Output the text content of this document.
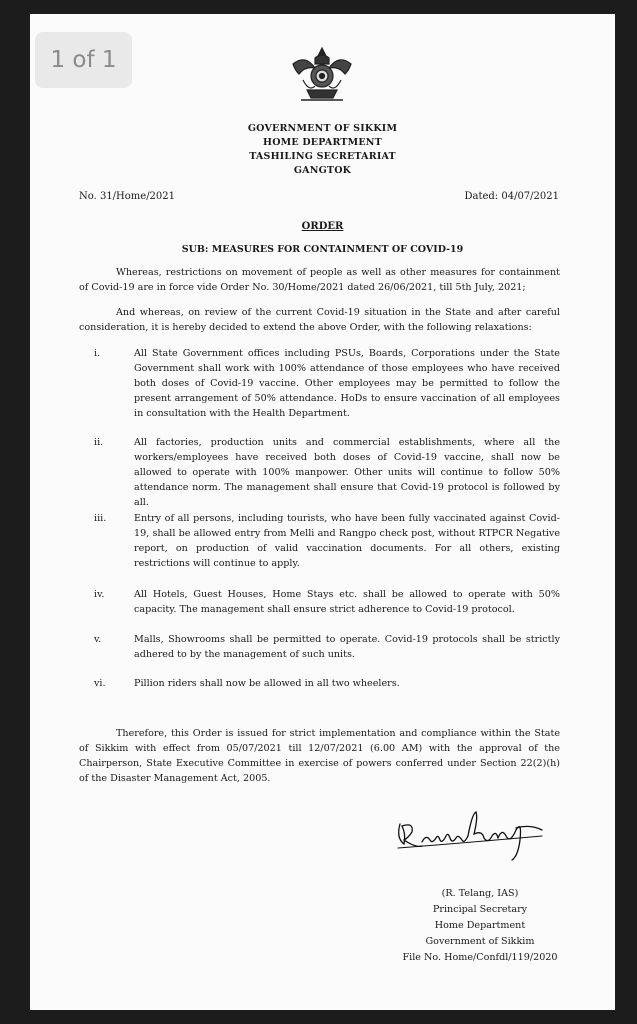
1 of 1
GOVERNMENT OF SIKKIM
HOME DEPARTMENT
TASHILING SECRETARIAT
GANGTOK
No. 31/Home/2021	Dated: 04/07/2021
ORDER
SUB: MEASURES FOR CONTAINMENT OF COVID-19
Whereas, restrictions on movement of people as well as other measures for containment of Covid-19 are in force vide Order No. 30/Home/2021 dated 26/06/2021, till 5th July, 2021;
And whereas, on review of the current Covid-19 situation in the State and after careful consideration, it is hereby decided to extend the above Order, with the following relaxations:
i.	All State Government offices including PSUs, Boards, Corporations under the State Government shall work with 100% attendance of those employees who have received both doses of Covid-19 vaccine. Other employees may be permitted to follow the present arrangement of 50% attendance. HoDs to ensure vaccination of all employees in consultation with the Health Department.
ii.	All factories, production units and commercial establishments, where all the workers/employees have received both doses of Covid-19 vaccine, shall now be allowed to operate with 100% manpower. Other units will continue to follow 50% attendance norm. The management shall ensure that Covid-19 protocol is followed by all.
iii.	Entry of all persons, including tourists, who have been fully vaccinated against Covid-19, shall be allowed entry from Melli and Rangpo check post, without RTPCR Negative report, on production of valid vaccination documents. For all others, existing restrictions will continue to apply.
iv.	All Hotels, Guest Houses, Home Stays etc. shall be allowed to operate with 50% capacity. The management shall ensure strict adherence to Covid-19 protocol.
v.	Malls, Showrooms shall be permitted to operate. Covid-19 protocols shall be strictly adhered to by the management of such units.
vi.	Pillion riders shall now be allowed in all two wheelers.
Therefore, this Order is issued for strict implementation and compliance within the State of Sikkim with effect from 05/07/2021 till 12/07/2021 (6.00 AM) with the approval of the Chairperson, State Executive Committee in exercise of powers conferred under Section 22(2)(h) of the Disaster Management Act, 2005.
(R. Telang, IAS)
Principal Secretary
Home Department
Government of Sikkim
File No. Home/Confdl/119/2020
